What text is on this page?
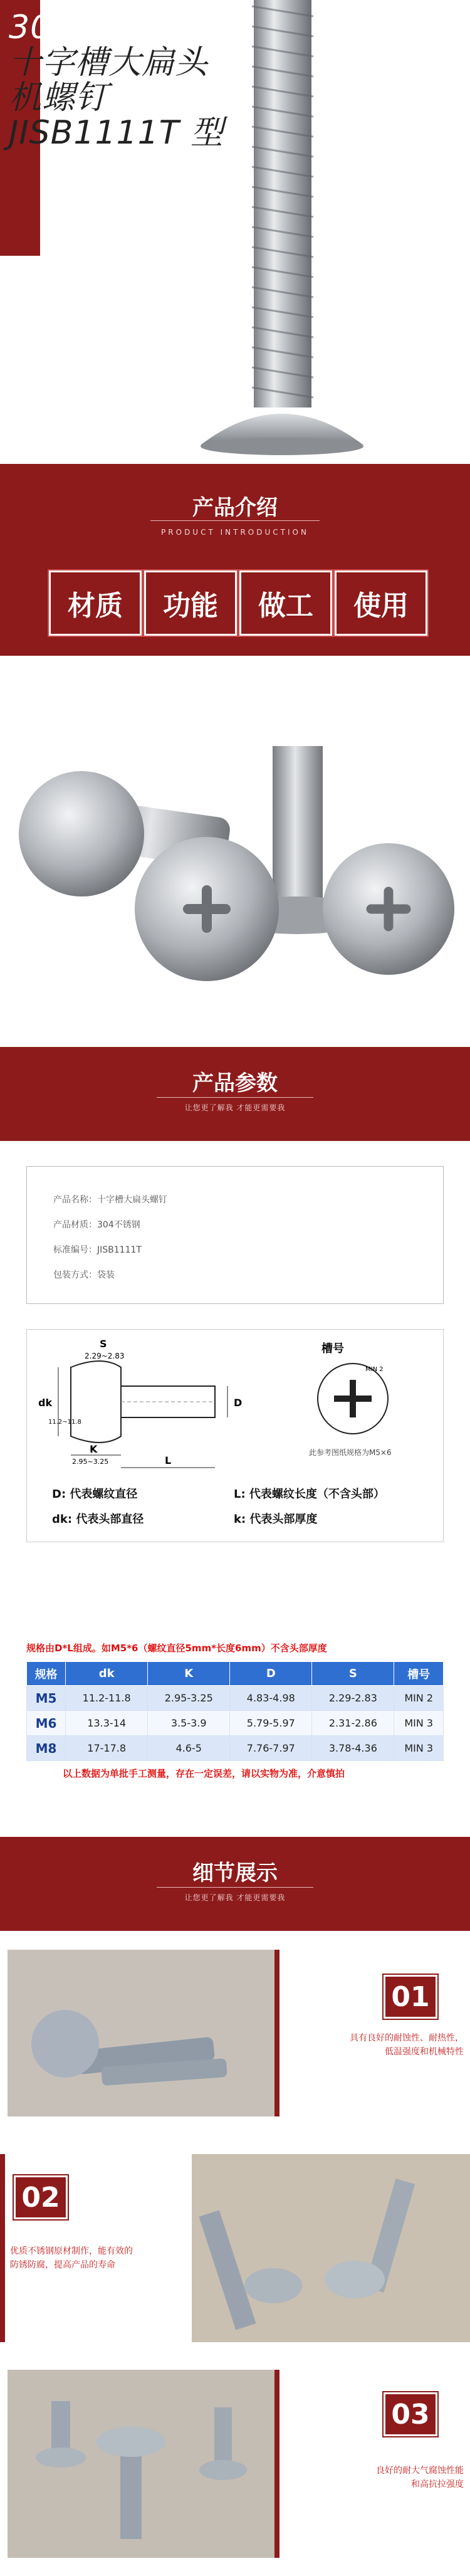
304 不锈钢
十字槽大扁头
机螺钉
JISB1111T 型
产品介绍
PRODUCT INTRODUCTION
材质	功能	做工	使用
产品参数
让您更了解我 才能更需要我
产品名称：十字槽大扁头螺钉
产品材质：304不锈钢
标准编号：JISB1111T
包装方式：袋装
S
2.29~2.83
dk
11.2~11.8
K
2.95~3.25	L
D
槽号
MIN 2
此参考图纸规格为M5×6
D: 代表螺纹直径	L: 代表螺纹长度（不含头部）
dk: 代表头部直径	k: 代表头部厚度
规格由D*L组成。如M5*6（螺纹直径5mm*长度6mm）不含头部厚度
规格	dk	K	D	S	槽号
M5	11.2-11.8	2.95-3.25	4.83-4.98	2.29-2.83	MIN 2
M6	13.3-14	3.5-3.9	5.79-5.97	2.31-2.86	MIN 3
M8	17-17.8	4.6-5	7.76-7.97	3.78-4.36	MIN 3
以上数据为单批手工测量，存在一定误差，请以实物为准，介意慎拍
细节展示
让您更了解我 才能更需要我
01
具有良好的耐蚀性、耐热性，
低温强度和机械特性
02
优质不锈钢原材制作，能有效的
防锈防腐，提高产品的寿命
03
良好的耐大气腐蚀性能
和高抗拉强度
